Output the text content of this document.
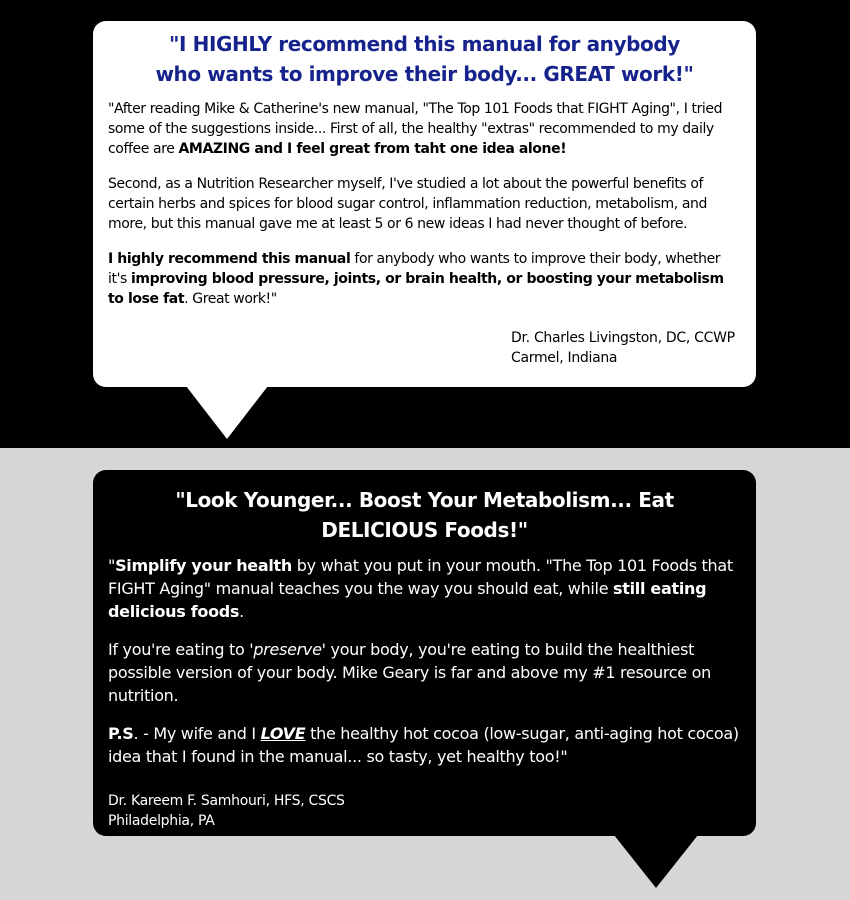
"I HIGHLY recommend this manual for anybody
who wants to improve their body... GREAT work!"

"After reading Mike & Catherine's new manual, "The Top 101 Foods that FIGHT Aging", I tried some of the suggestions inside... First of all, the healthy "extras" recommended to my daily coffee are AMAZING and I feel great from taht one idea alone!

Second, as a Nutrition Researcher myself, I've studied a lot about the powerful benefits of certain herbs and spices for blood sugar control, inflammation reduction, metabolism, and more, but this manual gave me at least 5 or 6 new ideas I had never thought of before.

I highly recommend this manual for anybody who wants to improve their body, whether it's improving blood pressure, joints, or brain health, or boosting your metabolism to lose fat. Great work!"

Dr. Charles Livingston, DC, CCWP
Carmel, Indiana
"Look Younger... Boost Your Metabolism... Eat
DELICIOUS Foods!"

"Simplify your health by what you put in your mouth. "The Top 101 Foods that FIGHT Aging" manual teaches you the way you should eat, while still eating delicious foods.

If you're eating to 'preserve' your body, you're eating to build the healthiest possible version of your body. Mike Geary is far and above my #1 resource on nutrition.

P.S. - My wife and I LOVE the healthy hot cocoa (low-sugar, anti-aging hot cocoa) idea that I found in the manual... so tasty, yet healthy too!"

Dr. Kareem F. Samhouri, HFS, CSCS
Philadelphia, PA
